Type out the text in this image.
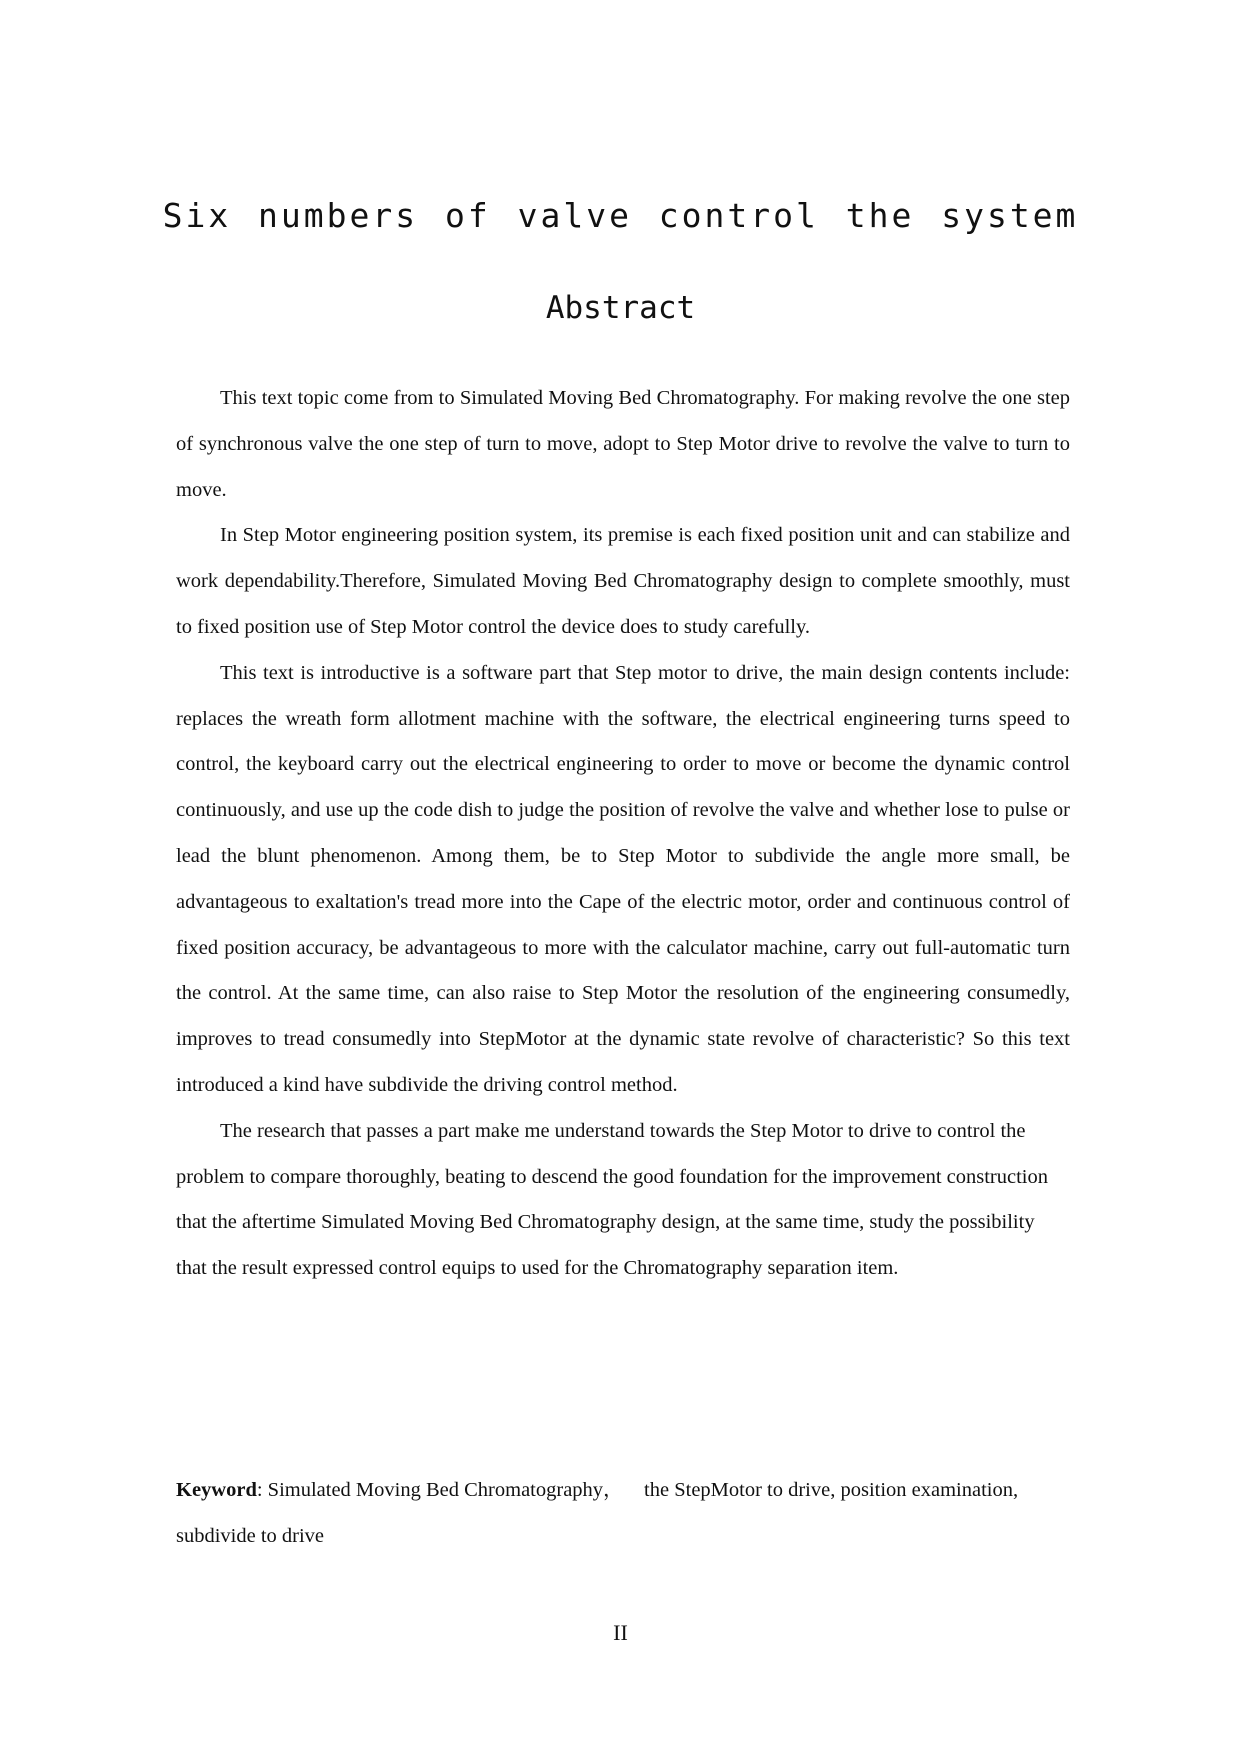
Six numbers of valve control the system
Abstract

This text topic come from to Simulated Moving Bed Chromatography. For making revolve the one step of synchronous valve the one step of turn to move, adopt to Step Motor drive to revolve the valve to turn to move.

In Step Motor engineering position system, its premise is each fixed position unit and can stabilize and work dependability.Therefore, Simulated Moving Bed Chromatography design to complete smoothly, must to fixed position use of Step Motor control the device does to study carefully.

This text is introductive is a software part that Step motor to drive, the main design contents include: replaces the wreath form allotment machine with the software, the electrical engineering turns speed to control, the keyboard carry out the electrical engineering to order to move or become the dynamic control continuously, and use up the code dish to judge the position of revolve the valve and whether lose to pulse or lead the blunt phenomenon. Among them, be to Step Motor to subdivide the angle more small, be advantageous to exaltation's tread more into the Cape of the electric motor, order and continuous control of fixed position accuracy, be advantageous to more with the calculator machine, carry out full-automatic turn the control. At the same time, can also raise to Step Motor the resolution of the engineering consumedly, improves to tread consumedly into StepMotor at the dynamic state revolve of characteristic? So this text introduced a kind have subdivide the driving control method.

The research that passes a part make me understand towards the Step Motor to drive to control the problem to compare thoroughly, beating to descend the good foundation for the improvement construction that the aftertime Simulated Moving Bed Chromatography design, at the same time, study the possibility that the result expressed control equips to used for the Chromatography separation item.

Keyword: Simulated Moving Bed Chromatography， the StepMotor to drive, position examination, subdivide to drive

II
